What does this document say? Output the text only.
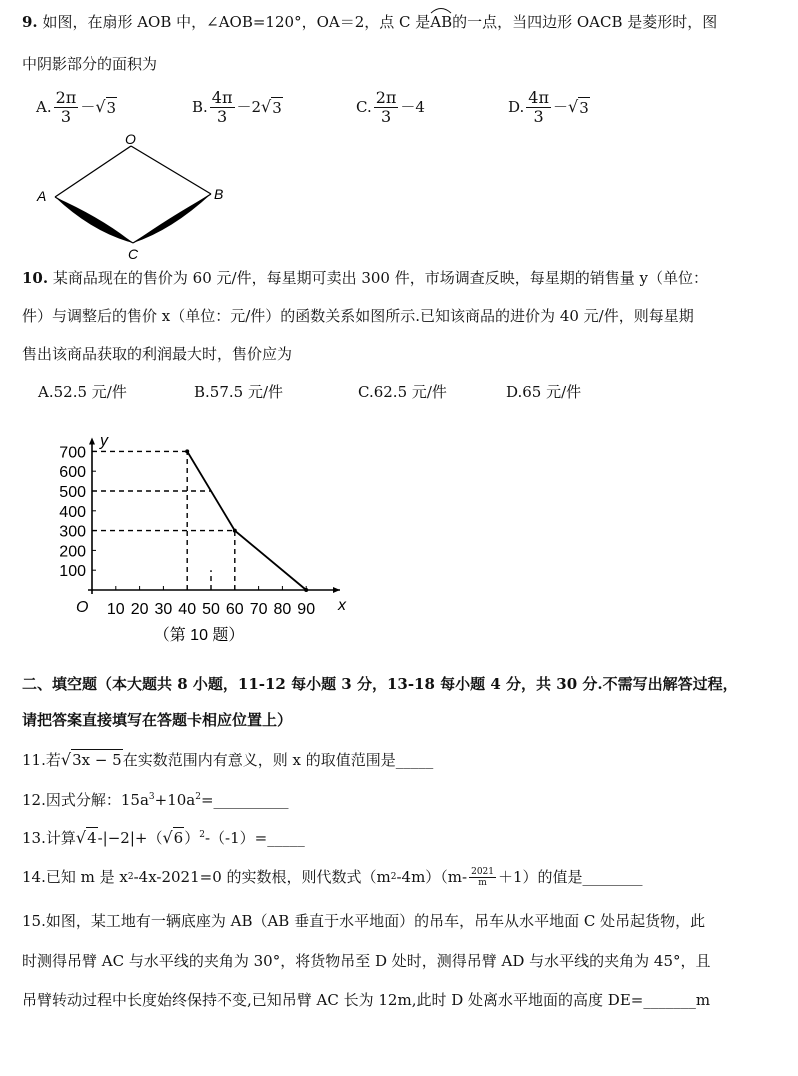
9. 如图，在扇形 AOB 中，∠AOB=120°，OA＝2，点 C 是AB
的一点，当四边形 OACB 是菱形时，图
中阴影部分的面积为
A. $\frac{2\pi}{3}$ － √ 3	B. $\frac{4\pi}{3} -2$ √ 3	C. $\frac{2\pi}{3} -4$	D. $\frac{4\pi}{3}$ － √ 3
O
A	B
C
10. 某商品现在的售价为 60 元/件，每星期可卖出 300 件，市场调查反映，每星期的销售量 y（单位：
件）与调整后的售价 x（单位：元/件）的函数关系如图所示.已知该商品的进价为 40 元/件，则每星期
售出该商品获取的利润最大时，售价应为
A.52.5 元/件	B.57.5 元/件	C.62.5 元/件	D.65 元/件
x
y
O 10 20 30 40 50 60 70 80 90
100
200
300
400
500
600
700
（第 10 题）
二、填空题（本大题共 8 小题，11-12 每小题 3 分，13-18 每小题 4 分，共 30 分.不需写出解答过程，
请把答案直接填写在答题卡相应位置上）
11.若√3x − 5在实数范围内有意义，则 x 的取值范围是_____
12.因式分解：$15a^3+10a^2=\_\_\_\_\_\_\_\_\_\_$
13.计算$√4-|-2|+(√6)^2-(-1)=\_\_\_\_\_$
14.已知 m 是 x 2 -4x-2021=0 的实数根，则代数式（m 2 $-4m)(m- \frac{2021}{m} +1)$的值是________
15.如图，某工地有一辆底座为 AB（AB 垂直于水平地面）的吊车，吊车从水平地面 C 处吊起货物，此
时测得吊臂 AC 与水平线的夹角为 30°，将货物吊至 D 处时，测得吊臂 AD 与水平线的夹角为 45°，且
吊臂转动过程中长度始终保持不变,已知吊臂 AC 长为 12m,此时 D 处离水平地面的高度 DE=_______m
